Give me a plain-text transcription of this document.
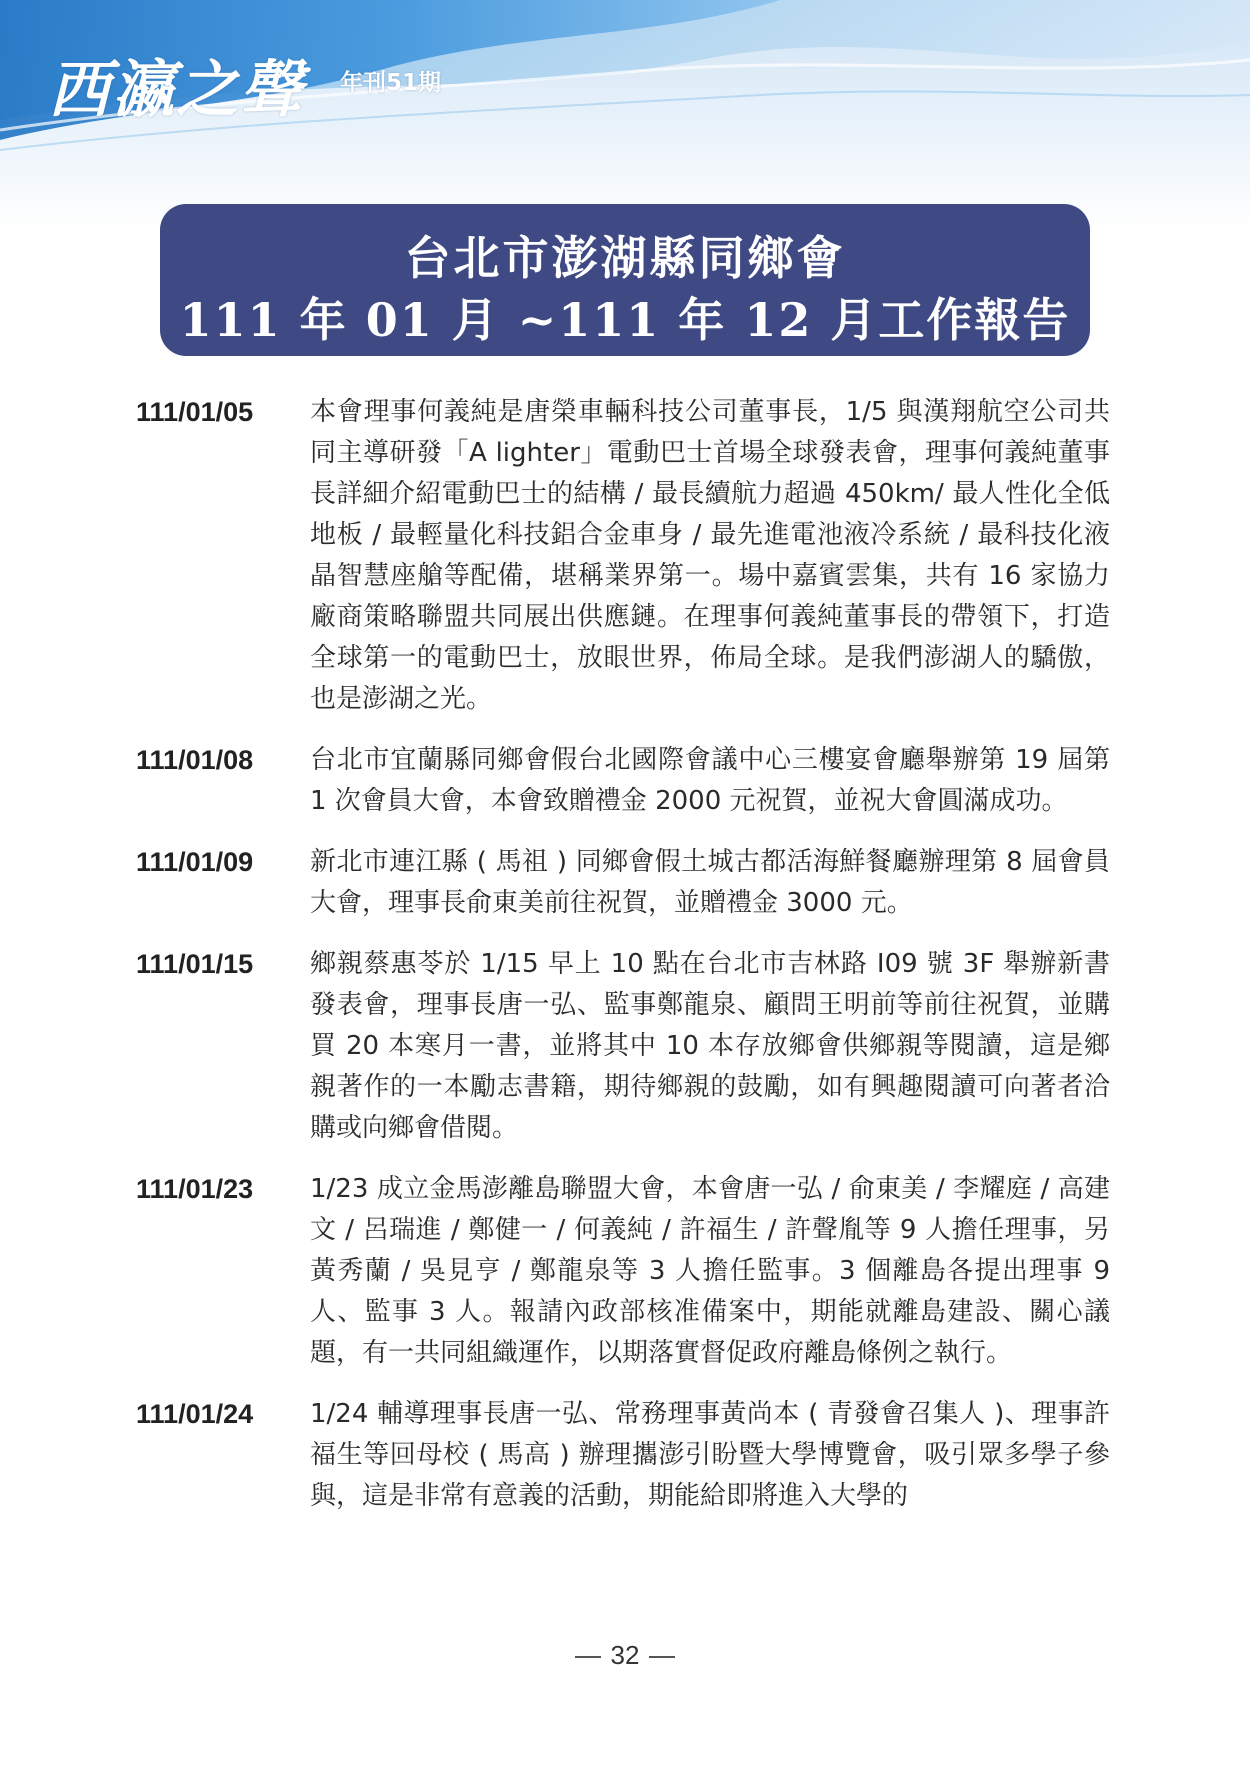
西瀛之聲 年刊51期
台北市澎湖縣同鄉會
111 年 01 月 ~111 年 12 月工作報告
111/01/05 本會理事何義純是唐榮車輛科技公司董事長，1/5 與漢翔航空公司共同主導研發「A lighter」電動巴士首場全球發表會，理事何義純董事長詳細介紹電動巴士的結構 / 最長續航力超過 450km/ 最人性化全低地板 / 最輕量化科技鋁合金車身 / 最先進電池液冷系統 / 最科技化液晶智慧座艙等配備，堪稱業界第一。場中嘉賓雲集，共有 16 家協力廠商策略聯盟共同展出供應鏈。在理事何義純董事長的帶領下，打造全球第一的電動巴士，放眼世界，佈局全球。是我們澎湖人的驕傲，也是澎湖之光。
111/01/08 台北市宜蘭縣同鄉會假台北國際會議中心三樓宴會廳舉辦第 19 屆第 1 次會員大會，本會致贈禮金 2000 元祝賀，並祝大會圓滿成功。
111/01/09 新北市連江縣 ( 馬祖 ) 同鄉會假土城古都活海鮮餐廳辦理第 8 屆會員大會，理事長俞東美前往祝賀，並贈禮金 3000 元。
111/01/15 鄉親蔡惠苓於 1/15 早上 10 點在台北市吉林路 I09 號 3F 舉辦新書發表會，理事長唐一弘、監事鄭龍泉、顧問王明前等前往祝賀，並購買 20 本寒月一書，並將其中 10 本存放鄉會供鄉親等閱讀，這是鄉親著作的一本勵志書籍，期待鄉親的鼓勵，如有興趣閱讀可向著者洽購或向鄉會借閱。
111/01/23 1/23 成立金馬澎離島聯盟大會，本會唐一弘 / 俞東美 / 李耀庭 / 高建文 / 呂瑞進 / 鄭健一 / 何義純 / 許福生 / 許聲胤等 9 人擔任理事，另黃秀蘭 / 吳見亨 / 鄭龍泉等 3 人擔任監事。3 個離島各提出理事 9 人、監事 3 人。報請內政部核准備案中，期能就離島建設、關心議題，有一共同組織運作，以期落實督促政府離島條例之執行。
111/01/24 1/24 輔導理事長唐一弘、常務理事黃尚本 ( 青發會召集人 )、理事許福生等回母校 ( 馬高 ) 辦理攜澎引盼暨大學博覽會，吸引眾多學子參與，這是非常有意義的活動，期能給即將進入大學的
32
